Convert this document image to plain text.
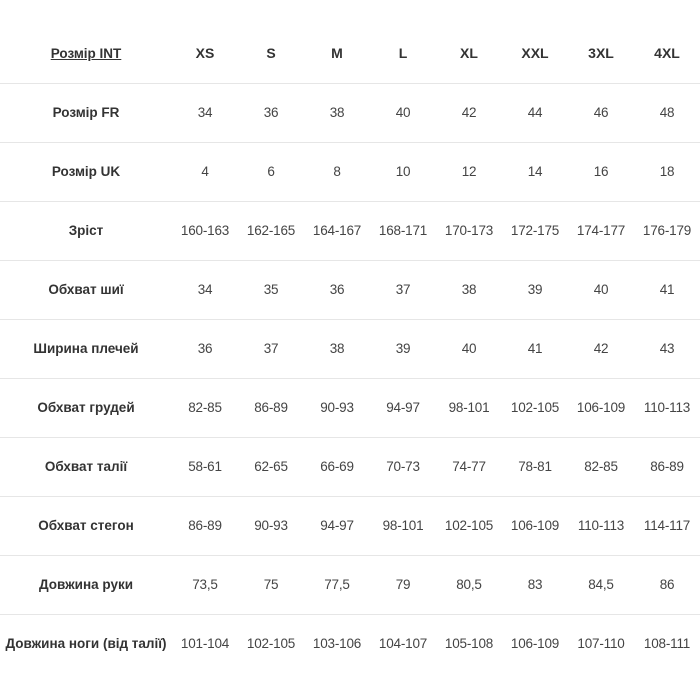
Розмір INT	XS	S	M	L	XL	XXL	3XL	4XL
Розмір FR	34	36	38	40	42	44	46	48
Розмір UK	4	6	8	10	12	14	16	18
Зріст	160-163	162-165	164-167	168-171	170-173	172-175	174-177	176-179
Обхват шиї	34	35	36	37	38	39	40	41
Ширина плечей	36	37	38	39	40	41	42	43
Обхват грудей	82-85	86-89	90-93	94-97	98-101	102-105	106-109	110-113
Обхват талії	58-61	62-65	66-69	70-73	74-77	78-81	82-85	86-89
Обхват стегон	86-89	90-93	94-97	98-101	102-105	106-109	110-113	114-117
Довжина руки	73,5	75	77,5	79	80,5	83	84,5	86
Довжина ноги (від талії)	101-104	102-105	103-106	104-107	105-108	106-109	107-110	108-111
